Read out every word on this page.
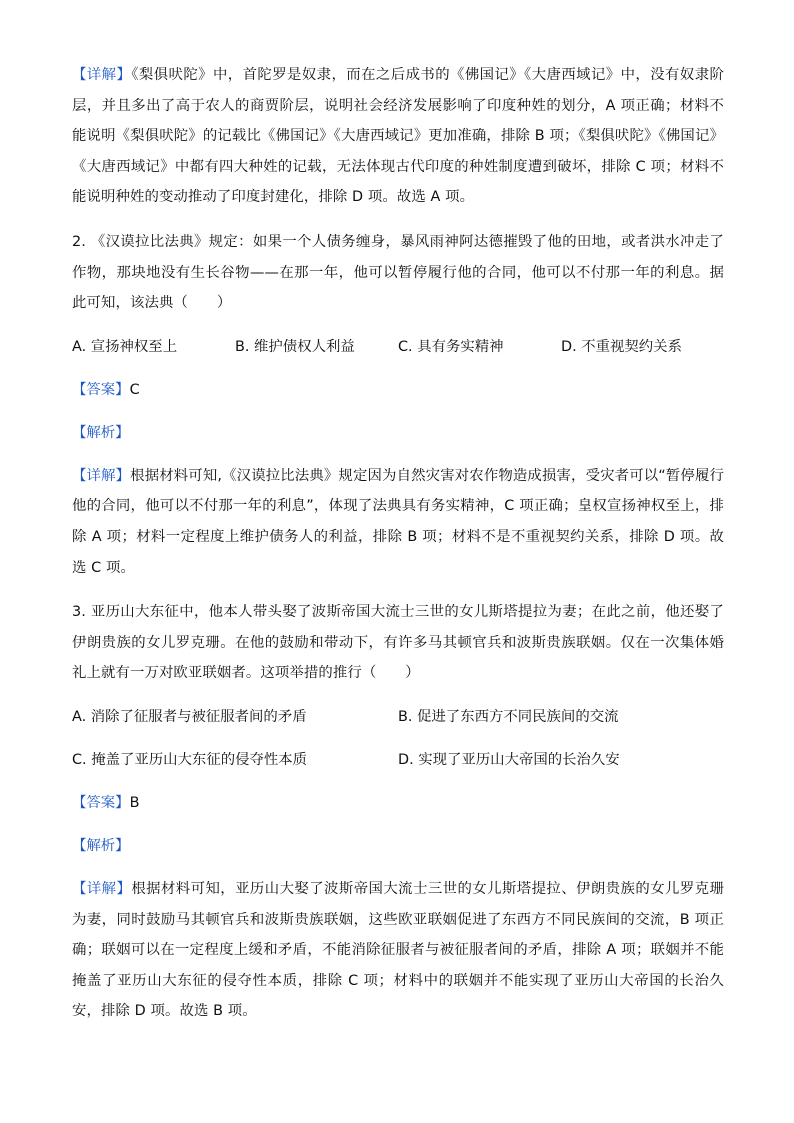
【详解】《梨俱吠陀》中，首陀罗是奴隶，而在之后成书的《佛国记》《大唐西域记》中，没有奴隶阶层，并且多出了高于农人的商贾阶层，说明社会经济发展影响了印度种姓的划分，A 项正确；材料不能说明《梨俱吠陀》的记载比《佛国记》《大唐西域记》更加准确，排除 B 项；《梨俱吠陀》《佛国记》《大唐西域记》中都有四大种姓的记载，无法体现古代印度的种姓制度遭到破坏，排除 C 项；材料不能说明种姓的变动推动了印度封建化，排除 D 项。故选 A 项。

2. 《汉谟拉比法典》规定：如果一个人债务缠身，暴风雨神阿达德摧毁了他的田地，或者洪水冲走了作物，那块地没有生长谷物——在那一年，他可以暂停履行他的合同，他可以不付那一年的利息。据此可知，该法典（　　）

A. 宣扬神权至上	B. 维护债权人利益	C. 具有务实精神	D. 不重视契约关系

【答案】C

【解析】

【详解】根据材料可知,《汉谟拉比法典》规定因为自然灾害对农作物造成损害，受灾者可以“暂停履行他的合同，他可以不付那一年的利息”，体现了法典具有务实精神，C 项正确；皇权宣扬神权至上，排除 A 项；材料一定程度上维护债务人的利益，排除 B 项；材料不是不重视契约关系，排除 D 项。故选 C 项。

3. 亚历山大东征中，他本人带头娶了波斯帝国大流士三世的女儿斯塔提拉为妻；在此之前，他还娶了伊朗贵族的女儿罗克珊。在他的鼓励和带动下，有许多马其顿官兵和波斯贵族联姻。仅在一次集体婚礼上就有一万对欧亚联姻者。这项举措的推行（　　）

A. 消除了征服者与被征服者间的矛盾	B. 促进了东西方不同民族间的交流
C. 掩盖了亚历山大东征的侵夺性本质	D. 实现了亚历山大帝国的长治久安

【答案】B

【解析】

【详解】根据材料可知，亚历山大娶了波斯帝国大流士三世的女儿斯塔提拉、伊朗贵族的女儿罗克珊为妻，同时鼓励马其顿官兵和波斯贵族联姻，这些欧亚联姻促进了东西方不同民族间的交流，B 项正确；联姻可以在一定程度上缓和矛盾，不能消除征服者与被征服者间的矛盾，排除 A 项；联姻并不能掩盖了亚历山大东征的侵夺性本质，排除 C 项；材料中的联姻并不能实现了亚历山大帝国的长治久安，排除 D 项。故选 B 项。
